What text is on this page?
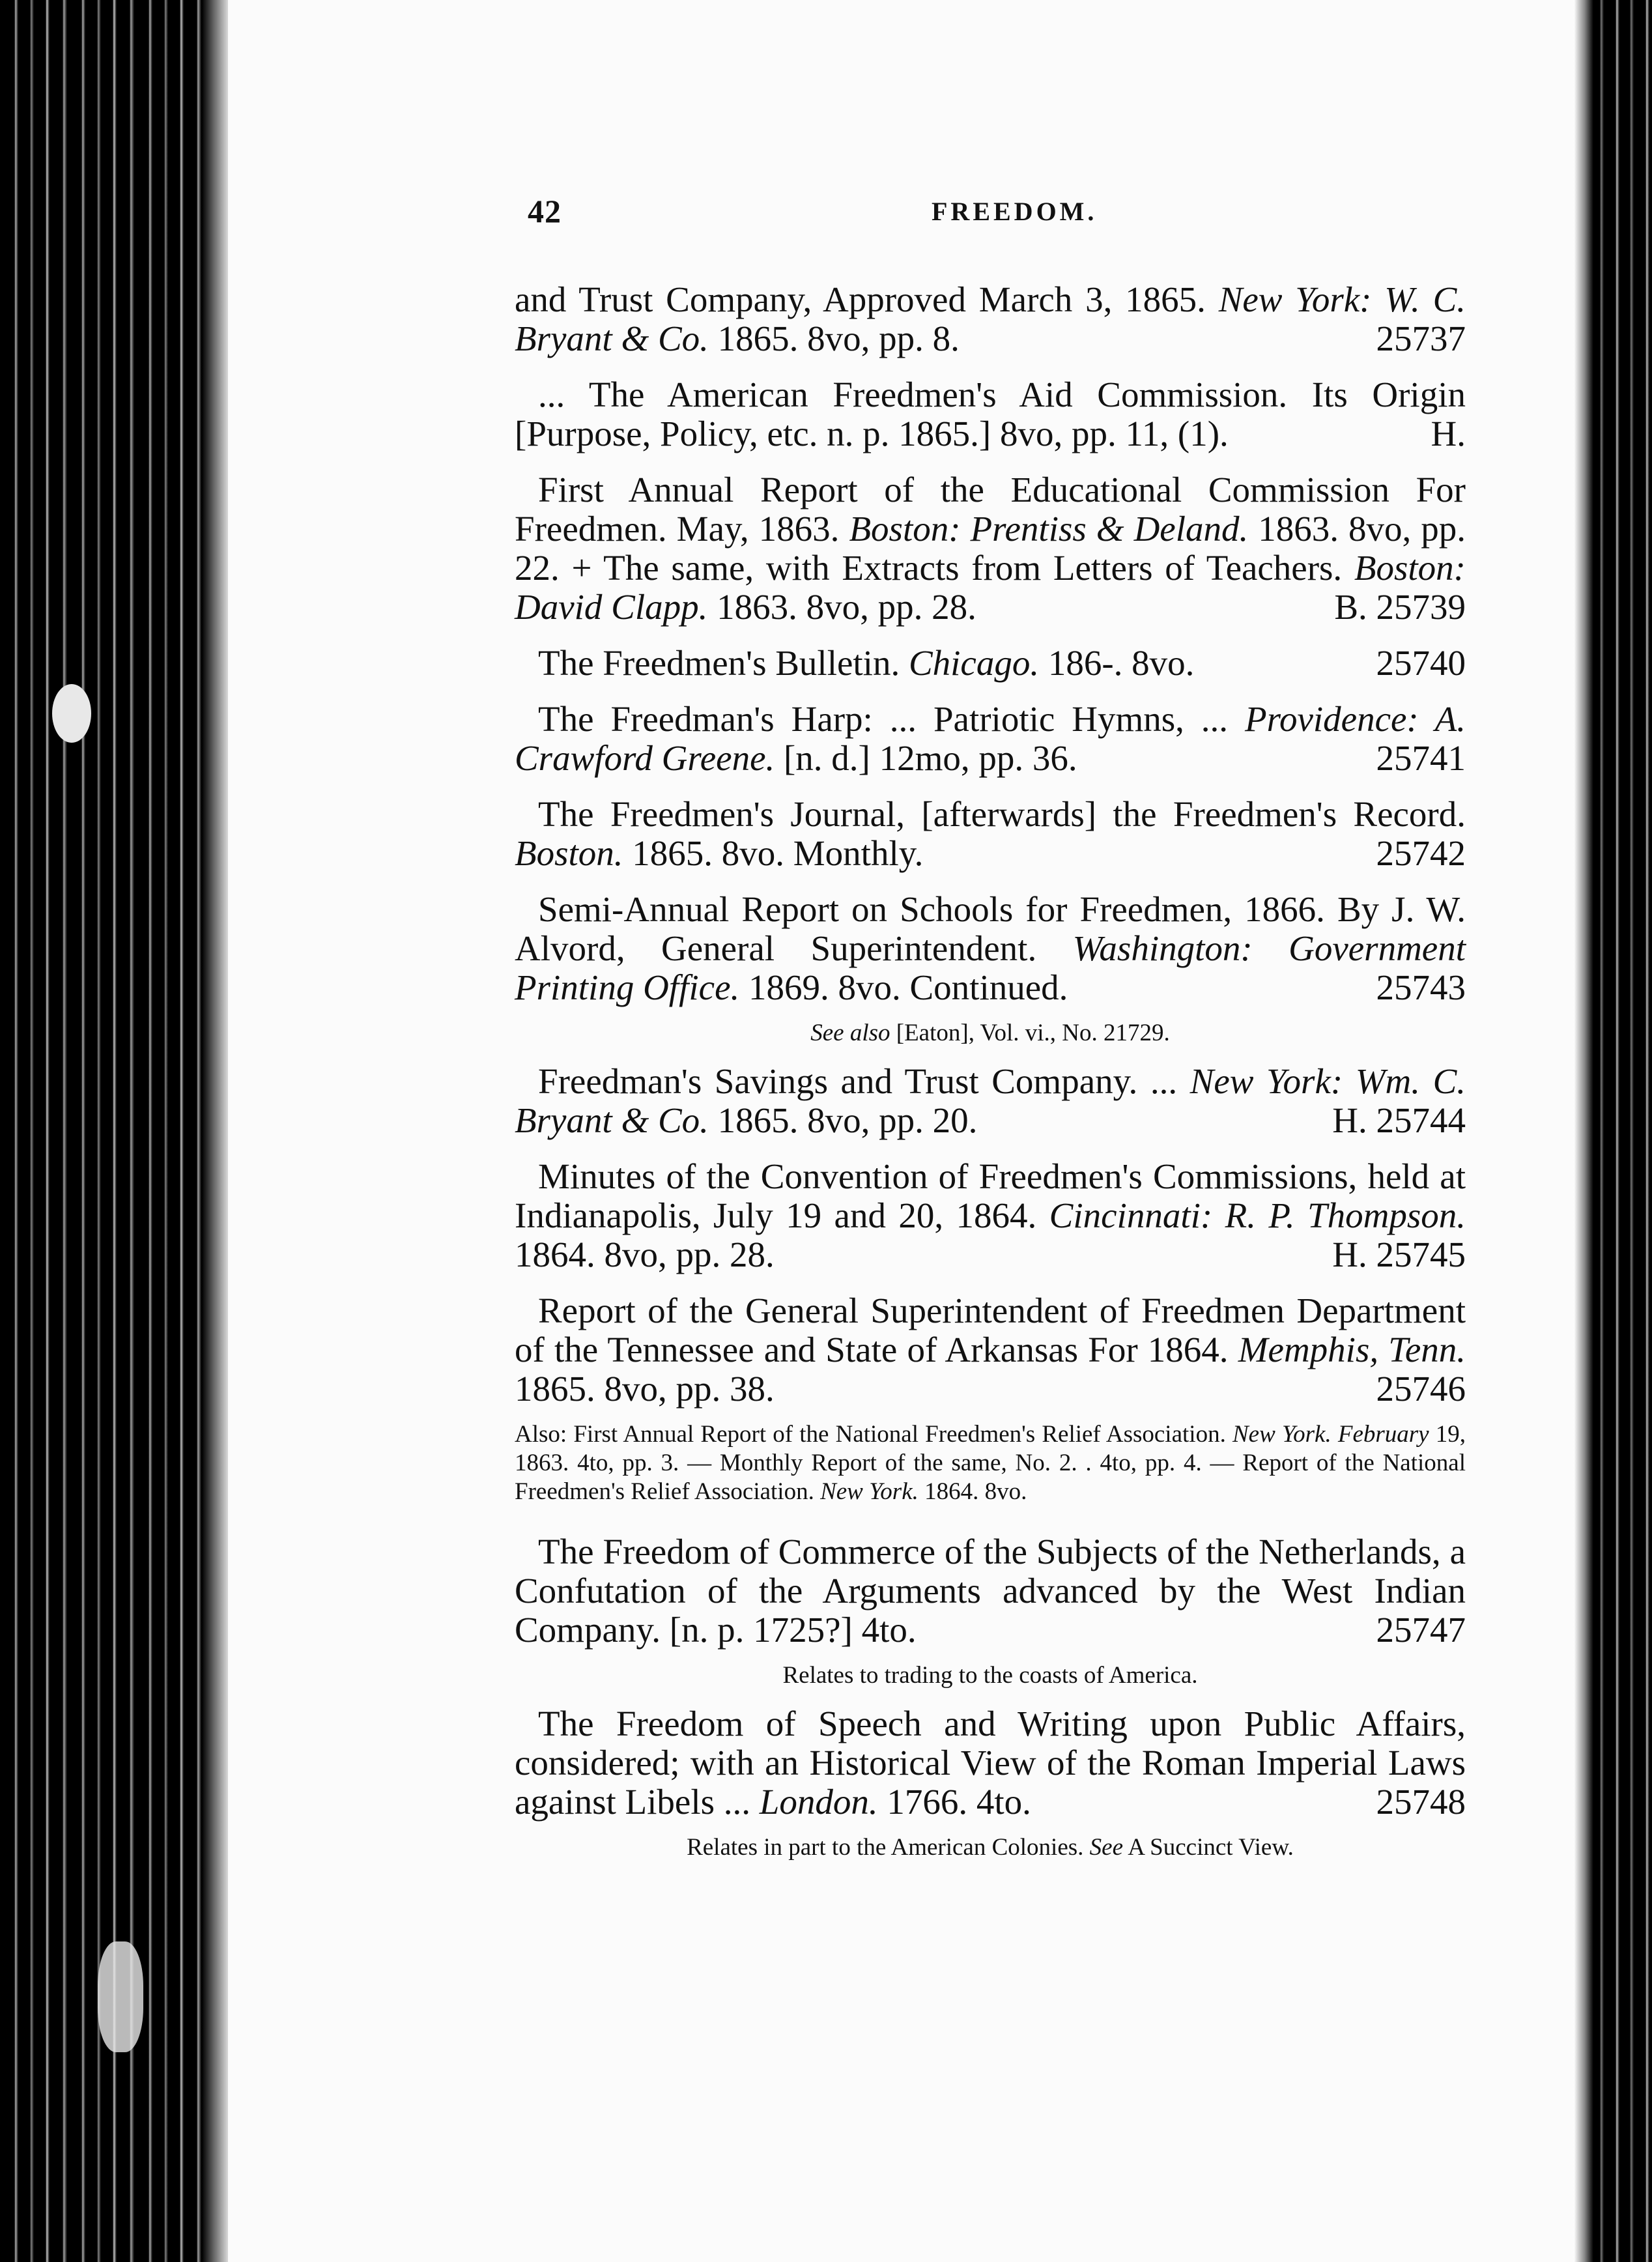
42	FREEDOM.
and Trust Company, Approved March 3, 1865. New York: W. C. Bryant & Co. 1865. 8vo, pp. 8.	25737
... The American Freedmen's Aid Commission. Its Origin [Purpose, Policy, etc. n. p. 1865.] 8vo, pp. 11, (1).	H.
First Annual Report of the Educational Commission For Freedmen. May, 1863. Boston: Prentiss & Deland. 1863. 8vo, pp. 22. + The same, with Extracts from Letters of Teachers. Boston: David Clapp. 1863. 8vo, pp. 28.	B. 25739
The Freedmen's Bulletin. Chicago. 186-. 8vo.	25740
The Freedman's Harp: ... Patriotic Hymns, ... Providence: A. Crawford Greene. [n. d.] 12mo, pp. 36.	25741
The Freedmen's Journal, [afterwards] the Freedmen's Record. Boston. 1865. 8vo. Monthly.	25742
Semi-Annual Report on Schools for Freedmen, 1866. By J. W. Alvord, General Superintendent. Washington: Government Printing Office. 1869. 8vo. Continued.	25743
See also [Eaton], Vol. vi., No. 21729.
Freedman's Savings and Trust Company. ... New York: Wm. C. Bryant & Co. 1865. 8vo, pp. 20.	H. 25744
Minutes of the Convention of Freedmen's Commissions, held at Indianapolis, July 19 and 20, 1864. Cincinnati: R. P. Thompson. 1864. 8vo, pp. 28.	H. 25745
Report of the General Superintendent of Freedmen Department of the Tennessee and State of Arkansas For 1864. Memphis, Tenn. 1865. 8vo, pp. 38.	25746
Also: First Annual Report of the National Freedmen's Relief Association. New York. February 19, 1863. 4to, pp. 3. — Monthly Report of the same, No. 2. . 4to, pp. 4. — Report of the National Freedmen's Relief Association. New York. 1864. 8vo.
The Freedom of Commerce of the Subjects of the Netherlands, a Confutation of the Arguments advanced by the West Indian Company. [n. p. 1725?] 4to.	25747
Relates to trading to the coasts of America.
The Freedom of Speech and Writing upon Public Affairs, considered; with an Historical View of the Roman Imperial Laws against Libels ... London. 1766. 4to.	25748
Relates in part to the American Colonies. See A Succinct View.
